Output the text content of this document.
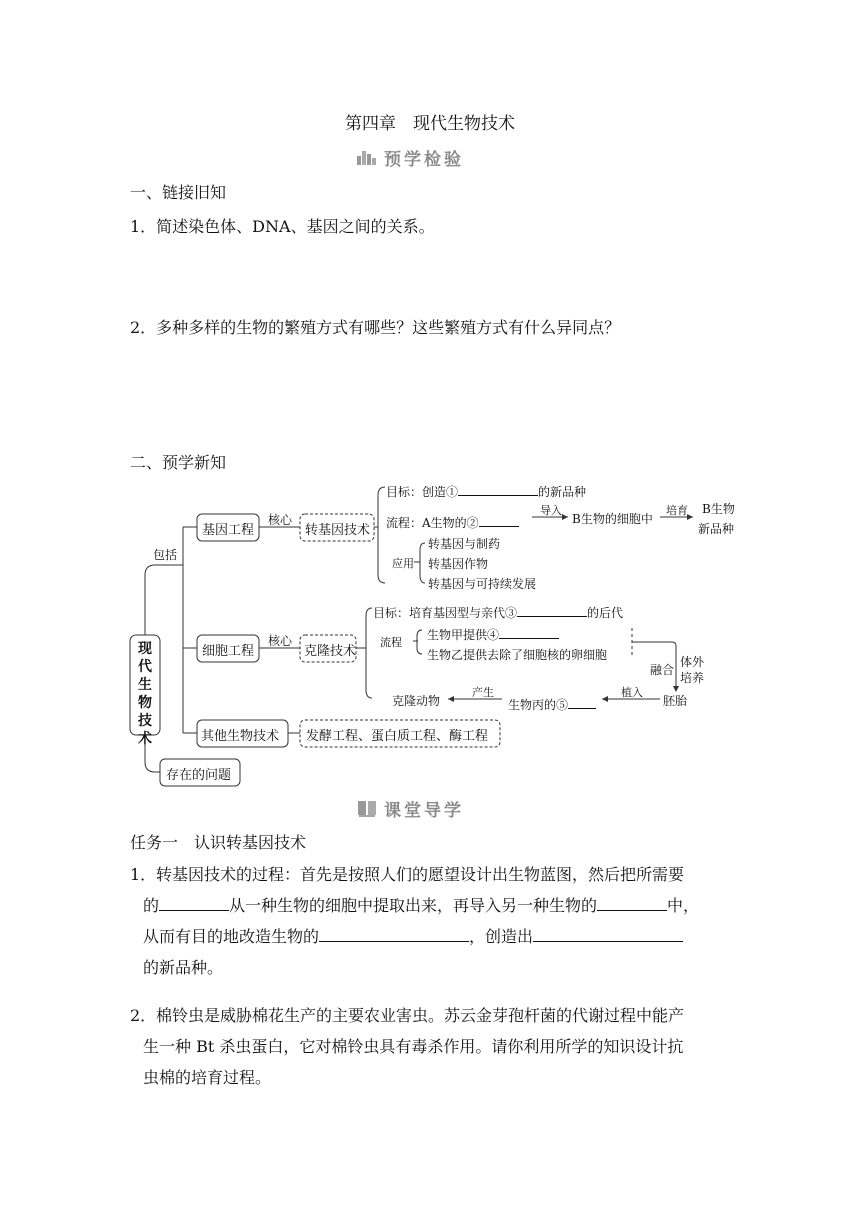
第四章　现代生物技术
预学检验
一、链接旧知
1．简述染色体、DNA、基因之间的关系。
2．多种多样的生物的繁殖方式有哪些？这些繁殖方式有什么异同点？
二、预学新知
现代生物技术
包括
基因工程
核心
转基因技术
目标：创造①	的新品种
流程：A生物的②
导入
B生物的细胞中
培育 B生物
新品种
应用
转基因与制药
转基因作物
转基因与可持续发展
细胞工程
核心
克隆技术
目标：培育基因型与亲代③	的后代
流程
生物甲提供④
生物乙提供去除了细胞核的卵细胞
融合
体外
培养
植入
胚胎
产生
生物丙的⑤
克隆动物
其他生物技术 发酵工程、蛋白质工程、酶工程
存在的问题
课堂导学
任务一　认识转基因技术
1． 转基因技术的过程：首先是按照人们的愿望设计出生物蓝图，然后把所需要
的	从一种生物的细胞中提取出来，再导入另一种生物的	中，
从而有目的地改造生物的	，创造出
的新品种。
2． 棉铃虫是威胁棉花生产的主要农业害虫。苏云金芽孢杆菌的代谢过程中能产
生一种 Bt 杀虫蛋白，它对棉铃虫具有毒杀作用。请你利用所学的知识设计抗
虫棉的培育过程。
